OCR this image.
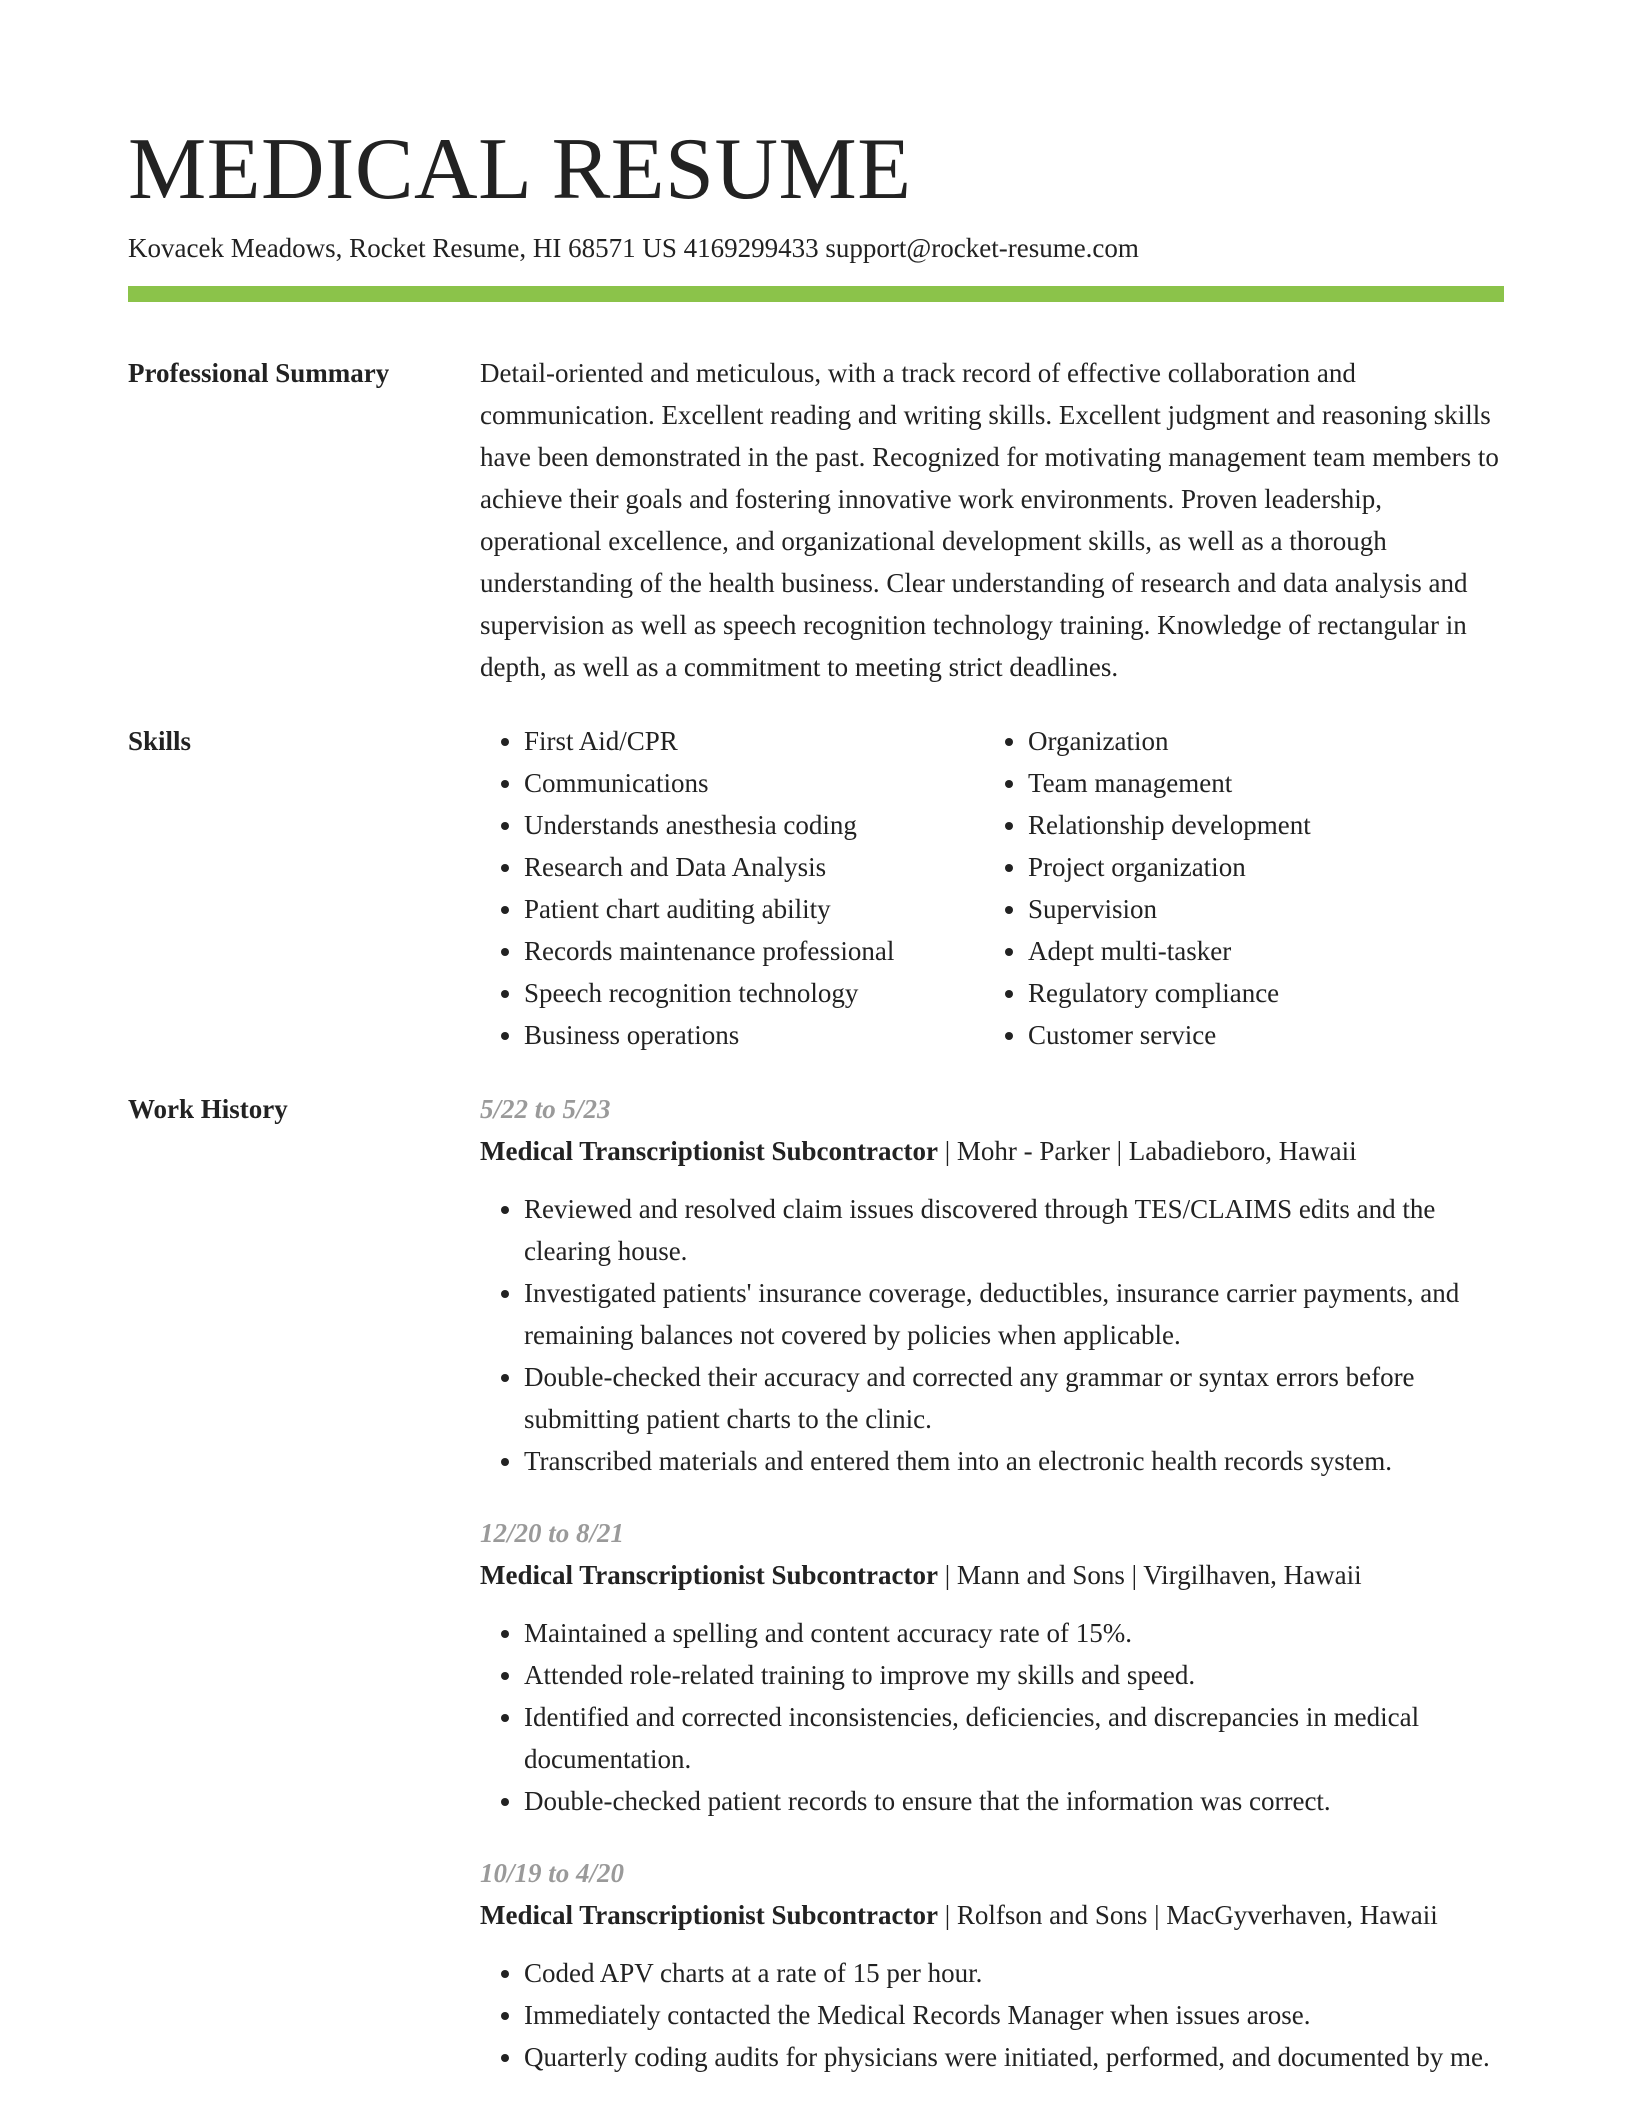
MEDICAL RESUME
Kovacek Meadows, Rocket Resume, HI 68571 US 4169299433 support@rocket-resume.com
Professional Summary	Detail-oriented and meticulous, with a track record of effective collaboration and communication. Excellent reading and writing skills. Excellent judgment and reasoning skills have been demonstrated in the past. Recognized for motivating management team members to achieve their goals and fostering innovative work environments. Proven leadership, operational excellence, and organizational development skills, as well as a thorough understanding of the health business. Clear understanding of research and data analysis and supervision as well as speech recognition technology training. Knowledge of rectangular in depth, as well as a commitment to meeting strict deadlines.

Skills
•	First Aid/CPR
• Communications
• Understands anesthesia coding
• Research and Data Analysis
• Patient chart auditing ability
• Records maintenance professional
• Speech recognition technology
• Business operations
• Organization
• Team management
• Relationship development
• Project organization
• Supervision
• Adept multi-tasker
• Regulatory compliance
• Customer service
Work History	5/22 to 5/23
Medical Transcriptionist Subcontractor | Mohr - Parker | Labadieboro, Hawaii
• Reviewed and resolved claim issues discovered through TES/CLAIMS edits and the clearing house.
• Investigated patients' insurance coverage, deductibles, insurance carrier payments, and remaining balances not covered by policies when applicable.
• Double-checked their accuracy and corrected any grammar or syntax errors before submitting patient charts to the clinic.
• Transcribed materials and entered them into an electronic health records system.
12/20 to 8/21
Medical Transcriptionist Subcontractor | Mann and Sons | Virgilhaven, Hawaii
• Maintained a spelling and content accuracy rate of 15%.
• Attended role-related training to improve my skills and speed.
• Identified and corrected inconsistencies, deficiencies, and discrepancies in medical documentation.
• Double-checked patient records to ensure that the information was correct.
10/19 to 4/20
Medical Transcriptionist Subcontractor | Rolfson and Sons | MacGyverhaven, Hawaii
• Coded APV charts at a rate of 15 per hour.
• Immediately contacted the Medical Records Manager when issues arose.
• Quarterly coding audits for physicians were initiated, performed, and documented by me.
